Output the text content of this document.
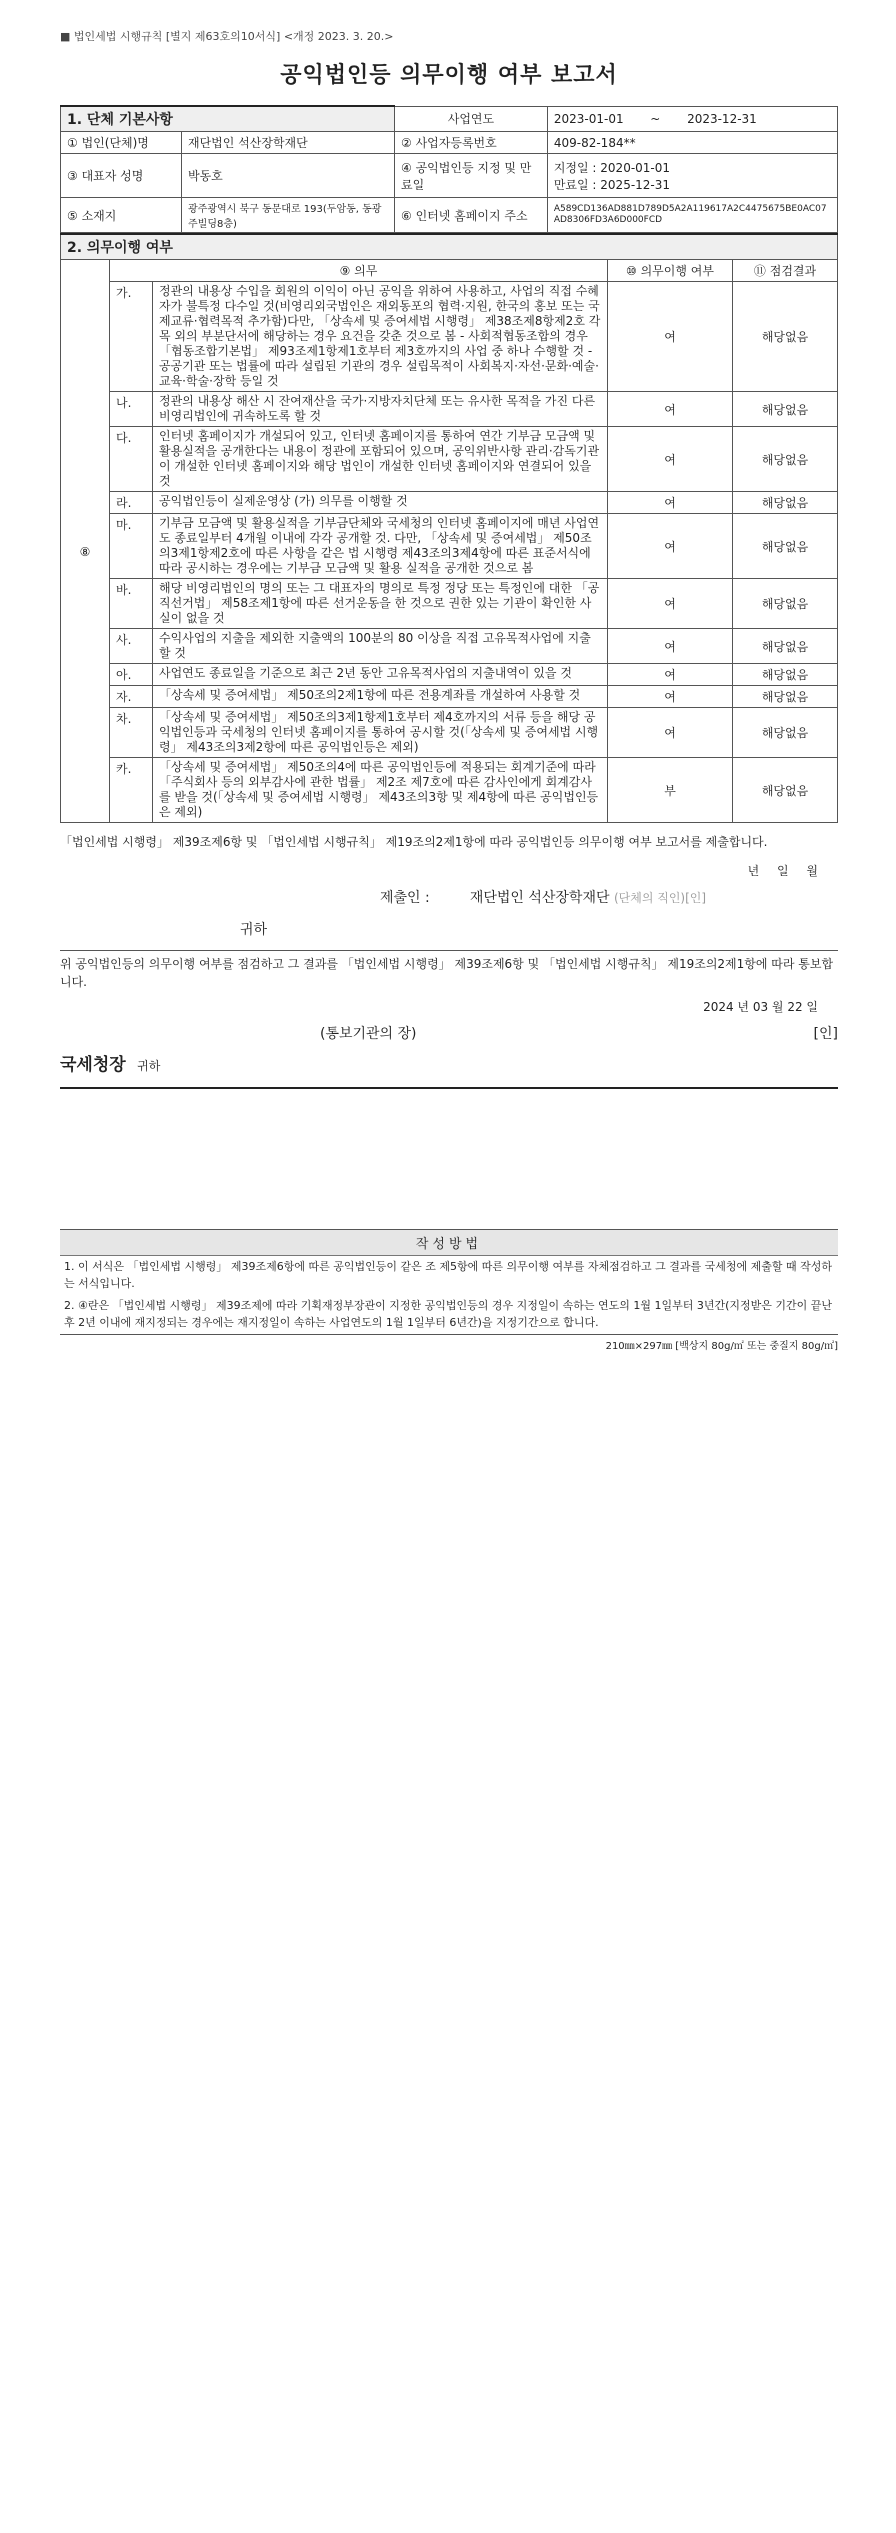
■ 법인세법 시행규칙 [별지 제63호의10서식] <개정 2023. 3. 20.>
공익법인등 의무이행 여부 보고서
1. 단체 기본사항		사업연도	2023-01-01 ~ 2023-12-31
① 법인(단체)명	재단법인 석산장학재단	② 사업자등록번호	409-82-184**
③ 대표자 성명	박동호	④ 공익법인등 지정 및 만료일	지정일 : 2020-01-01
만료일 : 2025-12-31

⑤ 소재지	광주광역시 북구 동문대로 193(두암동, 동광주빌딩8층)	⑥ 인터넷 홈페이지 주소	A589CD136AD881D789D5A2A119617A2C4475675BE0AC07AD8306FD3A6D000FCD
2. 의무이행 여부				
	⑨ 의무		⑩ 의무이행 여부	⑪ 점검결과
⑧	가.	정관의 내용상 수입을 회원의 이익이 아닌 공익을 위하여 사용하고, 사업의 직접 수혜자가 불특정 다수일 것(비영리외국법인은 재외동포의 협력·지원, 한국의 홍보 또는 국제교류·협력목적 추가함)다만, 「상속세 및 증여세법 시행령」 제38조제8항제2호 각 목 외의 부분단서에 해당하는 경우 요건을 갖춘 것으로 봄 - 사회적협동조합의 경우 「협동조합기본법」 제93조제1항제1호부터 제3호까지의 사업 중 하나 수행할 것 - 공공기관 또는 법률에 따라 설립된 기관의 경우 설립목적이 사회복지·자선·문화·예술·교육·학술·장학 등일 것	여	해당없음
	나.	정관의 내용상 해산 시 잔여재산을 국가·지방자치단체 또는 유사한 목적을 가진 다른 비영리법인에 귀속하도록 할 것	여	해당없음
	다.	인터넷 홈페이지가 개설되어 있고, 인터넷 홈페이지를 통하여 연간 기부금 모금액 및 활용실적을 공개한다는 내용이 정관에 포함되어 있으며, 공익위반사항 관리·감독기관이 개설한 인터넷 홈페이지와 해당 법인이 개설한 인터넷 홈페이지와 연결되어 있을 것	여	해당없음
	라.	공익법인등이 실제운영상 (가) 의무를 이행할 것	여	해당없음
	마.	기부금 모금액 및 활용실적을 기부금단체와 국세청의 인터넷 홈페이지에 매년 사업연도 종료일부터 4개월 이내에 각각 공개할 것. 다만, 「상속세 및 증여세법」 제50조의3제1항제2호에 따른 사항을 같은 법 시행령 제43조의3제4항에 따른 표준서식에 따라 공시하는 경우에는 기부금 모금액 및 활용 실적을 공개한 것으로 봄	여	해당없음
	바.	해당 비영리법인의 명의 또는 그 대표자의 명의로 특정 정당 또는 특정인에 대한 「공직선거법」 제58조제1항에 따른 선거운동을 한 것으로 권한 있는 기관이 확인한 사실이 없을 것	여	해당없음
	사.	수익사업의 지출을 제외한 지출액의 100분의 80 이상을 직접 고유목적사업에 지출할 것	여	해당없음
	아.	사업연도 종료일을 기준으로 최근 2년 동안 고유목적사업의 지출내역이 있을 것	여	해당없음
	자.	「상속세 및 증여세법」 제50조의2제1항에 따른 전용계좌를 개설하여 사용할 것	여	해당없음
	차.	「상속세 및 증여세법」 제50조의3제1항제1호부터 제4호까지의 서류 등을 해당 공익법인등과 국세청의 인터넷 홈페이지를 통하여 공시할 것(「상속세 및 증여세법 시행령」 제43조의3제2항에 따른 공익법인등은 제외)	여	해당없음
	카.	「상속세 및 증여세법」 제50조의4에 따른 공익법인등에 적용되는 회계기준에 따라 「주식회사 등의 외부감사에 관한 법률」 제2조 제7호에 따른 감사인에게 회계감사를 받을 것(「상속세 및 증여세법 시행령」 제43조의3항 및 제4항에 따른 공익법인등은 제외)	부	해당없음
「법인세법 시행령」 제39조제6항 및 「법인세법 시행규칙」 제19조의2제1항에 따라 공익법인등 의무이행 여부 보고서를 제출합니다.
년 일 월
제출인 :	재단법인 석산장학재단 (단체의 직인)[인]
귀하
위 공익법인등의 의무이행 여부를 점검하고 그 결과를 「법인세법 시행령」 제39조제6항 및 「법인세법 시행규칙」 제19조의2제1항에 따라 통보합니다.
2024 년 03 월 22 일
(통보기관의 장)	[인]
국세청장 귀하
작성방법
1. 이 서식은 「법인세법 시행령」 제39조제6항에 따른 공익법인등이 같은 조 제5항에 따른 의무이행 여부를 자체점검하고 그 결과를 국세청에 제출할 때 작성하는 서식입니다.
2. ④란은 「법인세법 시행령」 제39조제에 따라 기획재정부장관이 지정한 공익법인등의 경우 지정일이 속하는 연도의 1월 1일부터 3년간(지정받은 기간이 끝난 후 2년 이내에 재지정되는 경우에는 재지정일이 속하는 사업연도의 1월 1일부터 6년간)을 지정기간으로 합니다.
210㎜×297㎜ [백상지 80g/㎡ 또는 중질지 80g/㎡]
